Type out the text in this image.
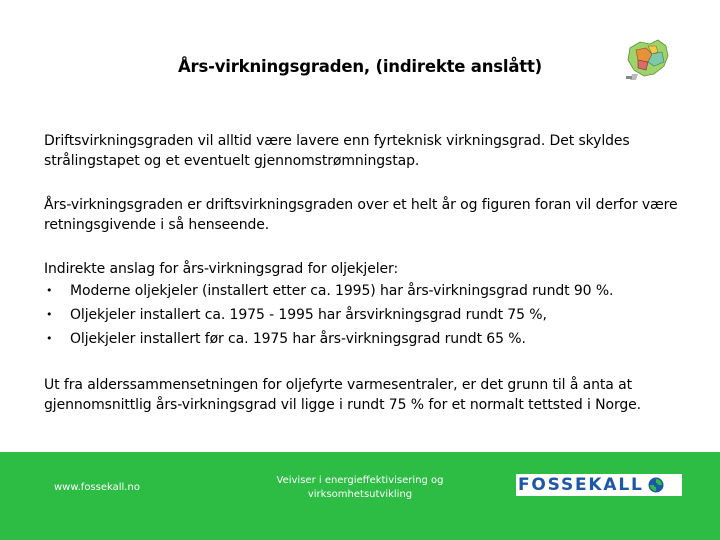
Års-virkningsgraden, (indirekte anslått)

Driftsvirkningsgraden vil alltid være lavere enn fyrteknisk virkningsgrad. Det skyldes strålingstapet og et eventuelt gjennomstrømningstap.

Års-virkningsgraden er driftsvirkningsgraden over et helt år og figuren foran vil derfor være retningsgivende i så henseende.

Indirekte anslag for års-virkningsgrad for oljekjeler:

• Moderne oljekjeler (installert etter ca. 1995) har års-virkningsgrad rundt 90 %.
• Oljekjeler installert ca. 1975 - 1995 har årsvirkningsgrad rundt 75 %,
• Oljekjeler installert før ca. 1975 har års-virkningsgrad rundt 65 %.

Ut fra alderssammensetningen for oljefyrte varmesentraler, er det grunn til å anta at gjennomsnittlig års-virkningsgrad vil ligge i rundt 75 % for et normalt tettsted i Norge.

www.fossekall.no
Veiviser i energieffektivisering og virksomhetsutvikling	FOSSEKALL
